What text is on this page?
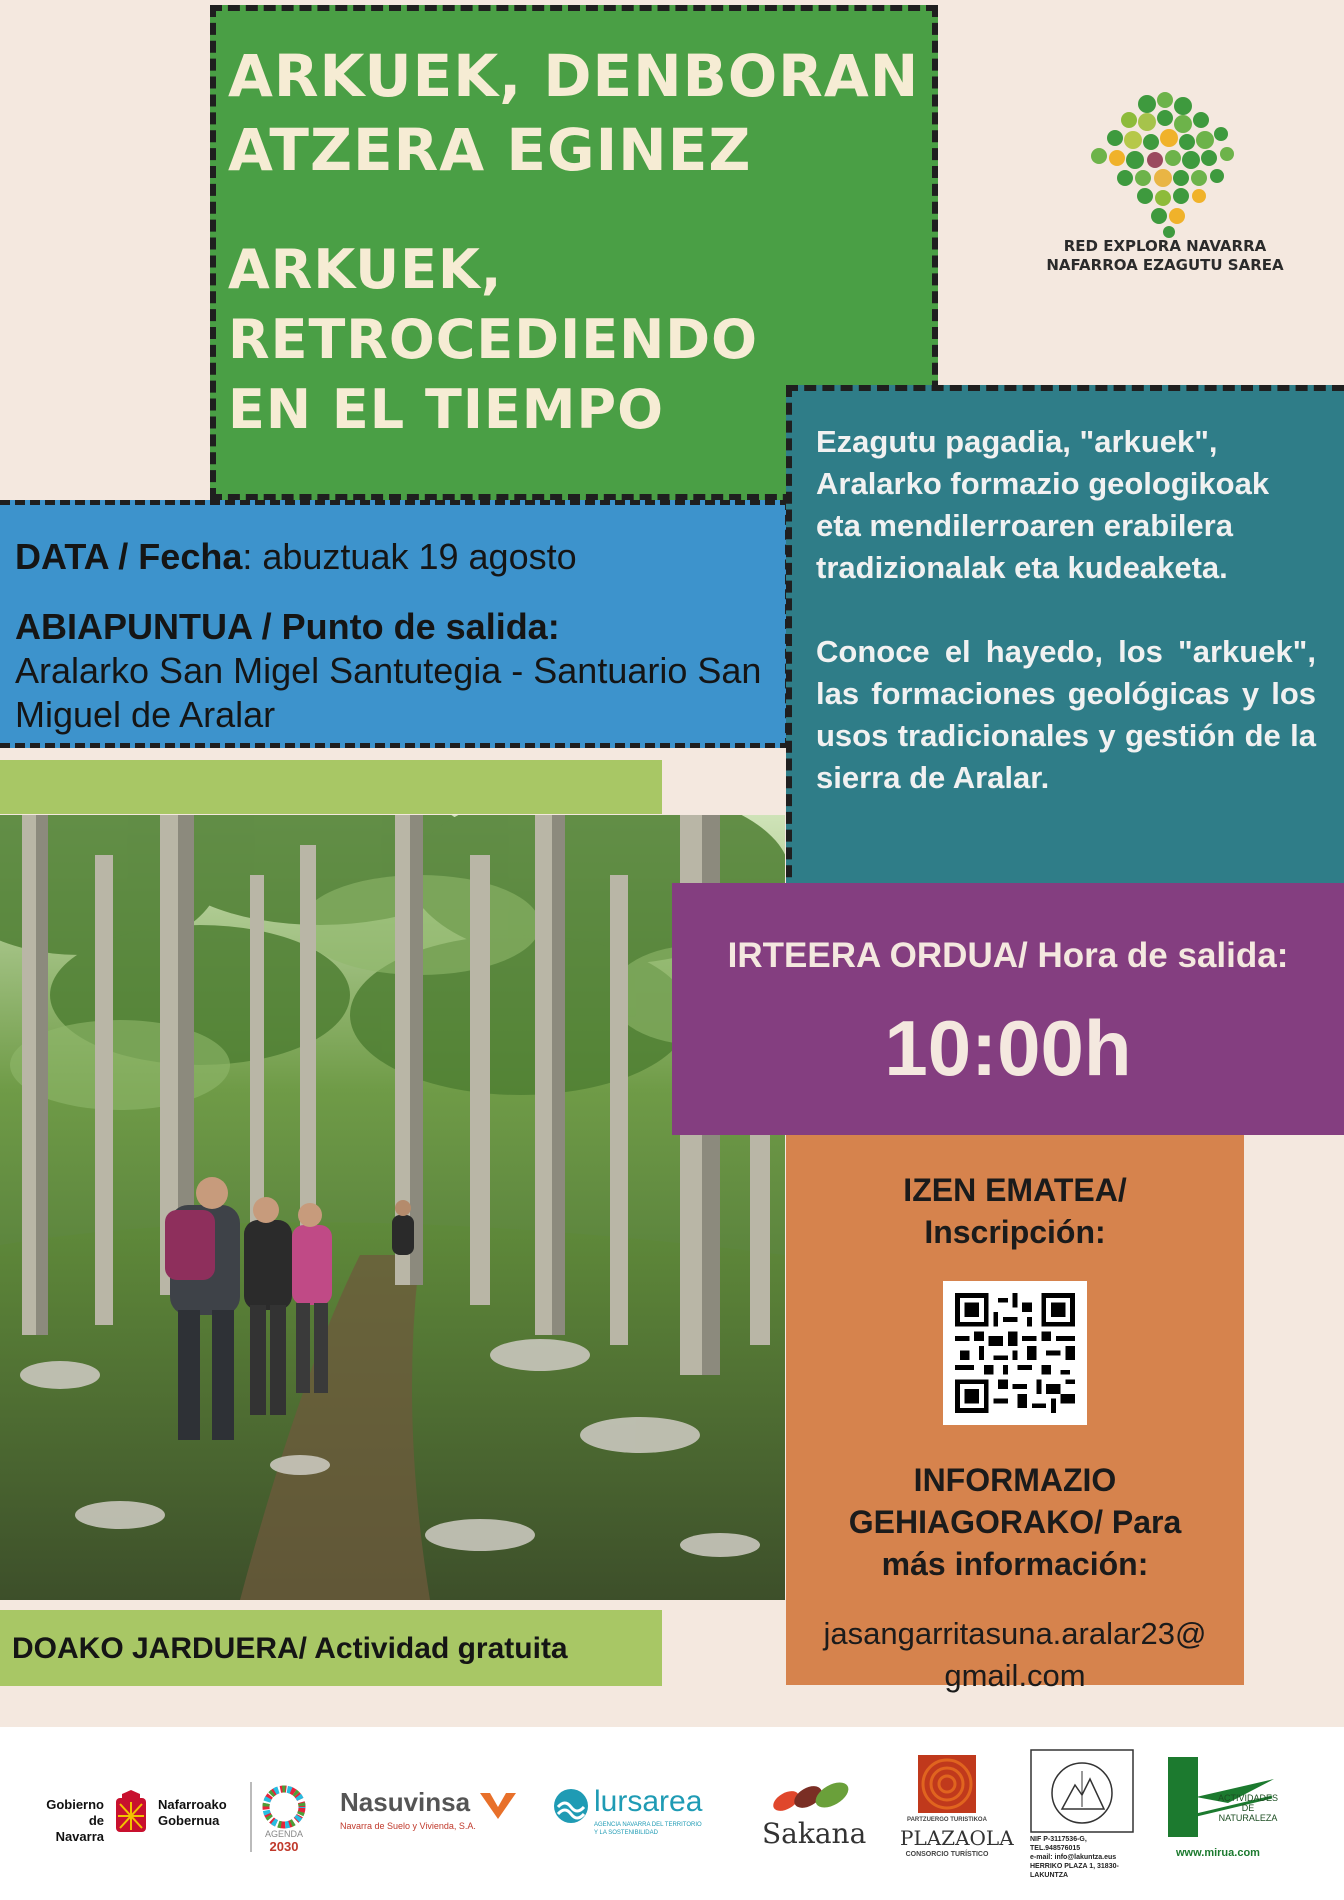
ARKUEK, DENBORAN
ATZERA EGINEZ
ARKUEK, RETROCEDIENDO
EN EL TIEMPO
RED EXPLORA NAVARRA
NAFARROA EZAGUTU SAREA
DATA / Fecha: abuztuak 19 agosto
ABIAPUNTUA / Punto de salida:
Aralarko San Migel Santutegia - Santuario San Miguel de Aralar

Ezagutu pagadia, "arkuek", Aralarko formazio geologikoak eta mendilerroaren erabilera tradizionalak eta kudeaketa.

Conoce el hayedo, los "arkuek", las formaciones geológicas y los usos tradicionales y gestión de la sierra de Aralar.

IRTEERA ORDUA/ Hora de salida:
10:00h
IZEN EMATEA/
Inscripción:
INFORMAZIO
GEHIAGORAKO/ Para
más información:
jasangarritasuna.aralar23@
gmail.com
DOAKO JARDUERA/ Actividad gratuita
Gobierno
de Navarra
Nafarroako
Gobernua
AGENDA
2030
Nasuvinsa
Navarra de Suelo y Vivienda, S.A.
lursarea
AGENCIA NAVARRA DEL TERRITORIO Y LA SOSTENIBILIDAD	Sakana	PARTZUERGO TURISTIKOA
PLAZAOLA
CONSORCIO TURÍSTICO
NIF P-3117536-G, TEL.948576015
e-mail: info@lakuntza.eus
HERRIKO PLAZA 1, 31830-LAKUNTZA
ACTIVIDADES
DE
NATURALEZA
www.mirua.com
